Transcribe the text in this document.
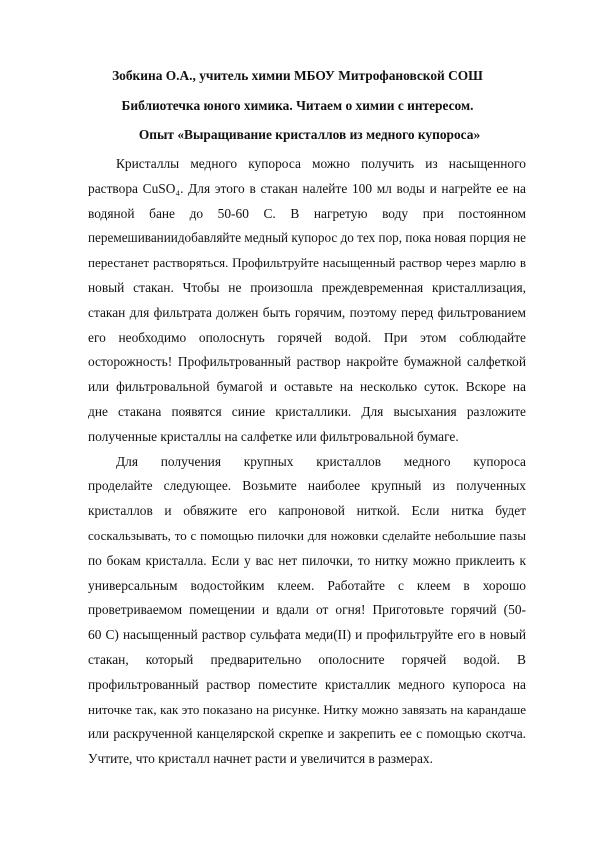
Зобкина О.А., учитель химии МБОУ Митрофановской СОШ
Библиотечка юного химика. Читаем о химии с интересом.
Опыт «Выращивание кристаллов из медного купороса»
Кристаллы медного купороса можно получить из насыщенного
раствора CuSO₄. Для этого в стакан налейте 100 мл воды и нагрейте ее на
водяной бане до 50-60 С. В нагретую воду при постоянном
перемешиваниидобавляйте медный купорос до тех пор, пока новая порция не
перестанет растворяться. Профильтруйте насыщенный раствор через марлю в
новый стакан. Чтобы не произошла преждевременная кристаллизация,
стакан для фильтрата должен быть горячим, поэтому перед фильтрованием
его необходимо ополоснуть горячей водой. При этом соблюдайте
осторожность! Профильтрованный раствор накройте бумажной салфеткой
или фильтровальной бумагой и оставьте на несколько суток. Вскоре на
дне стакана появятся синие кристаллики. Для высыхания разложите
полученные кристаллы на салфетке или фильтровальной бумаге.
Для получения крупных кристаллов медного купороса
проделайте следующее. Возьмите наиболее крупный из полученных
кристаллов и обвяжите его капроновой ниткой. Если нитка будет
соскальзывать, то с помощью пилочки для ножовки сделайте небольшие пазы
по бокам кристалла. Если у вас нет пилочки, то нитку можно приклеить к
универсальным водостойким клеем. Работайте с клеем в хорошо
проветриваемом помещении и вдали от огня! Приготовьте горячий (50-
60 С) насыщенный раствор сульфата меди(II) и профильтруйте его в новый
стакан, который предварительно ополосните горячей водой. В
профильтрованный раствор поместите кристаллик медного купороса на
ниточке так, как это показано на рисунке. Нитку можно завязать на карандаше
или раскрученной канцелярской скрепке и закрепить ее с помощью скотча.
Учтите, что кристалл начнет расти и увеличится в размерах.
